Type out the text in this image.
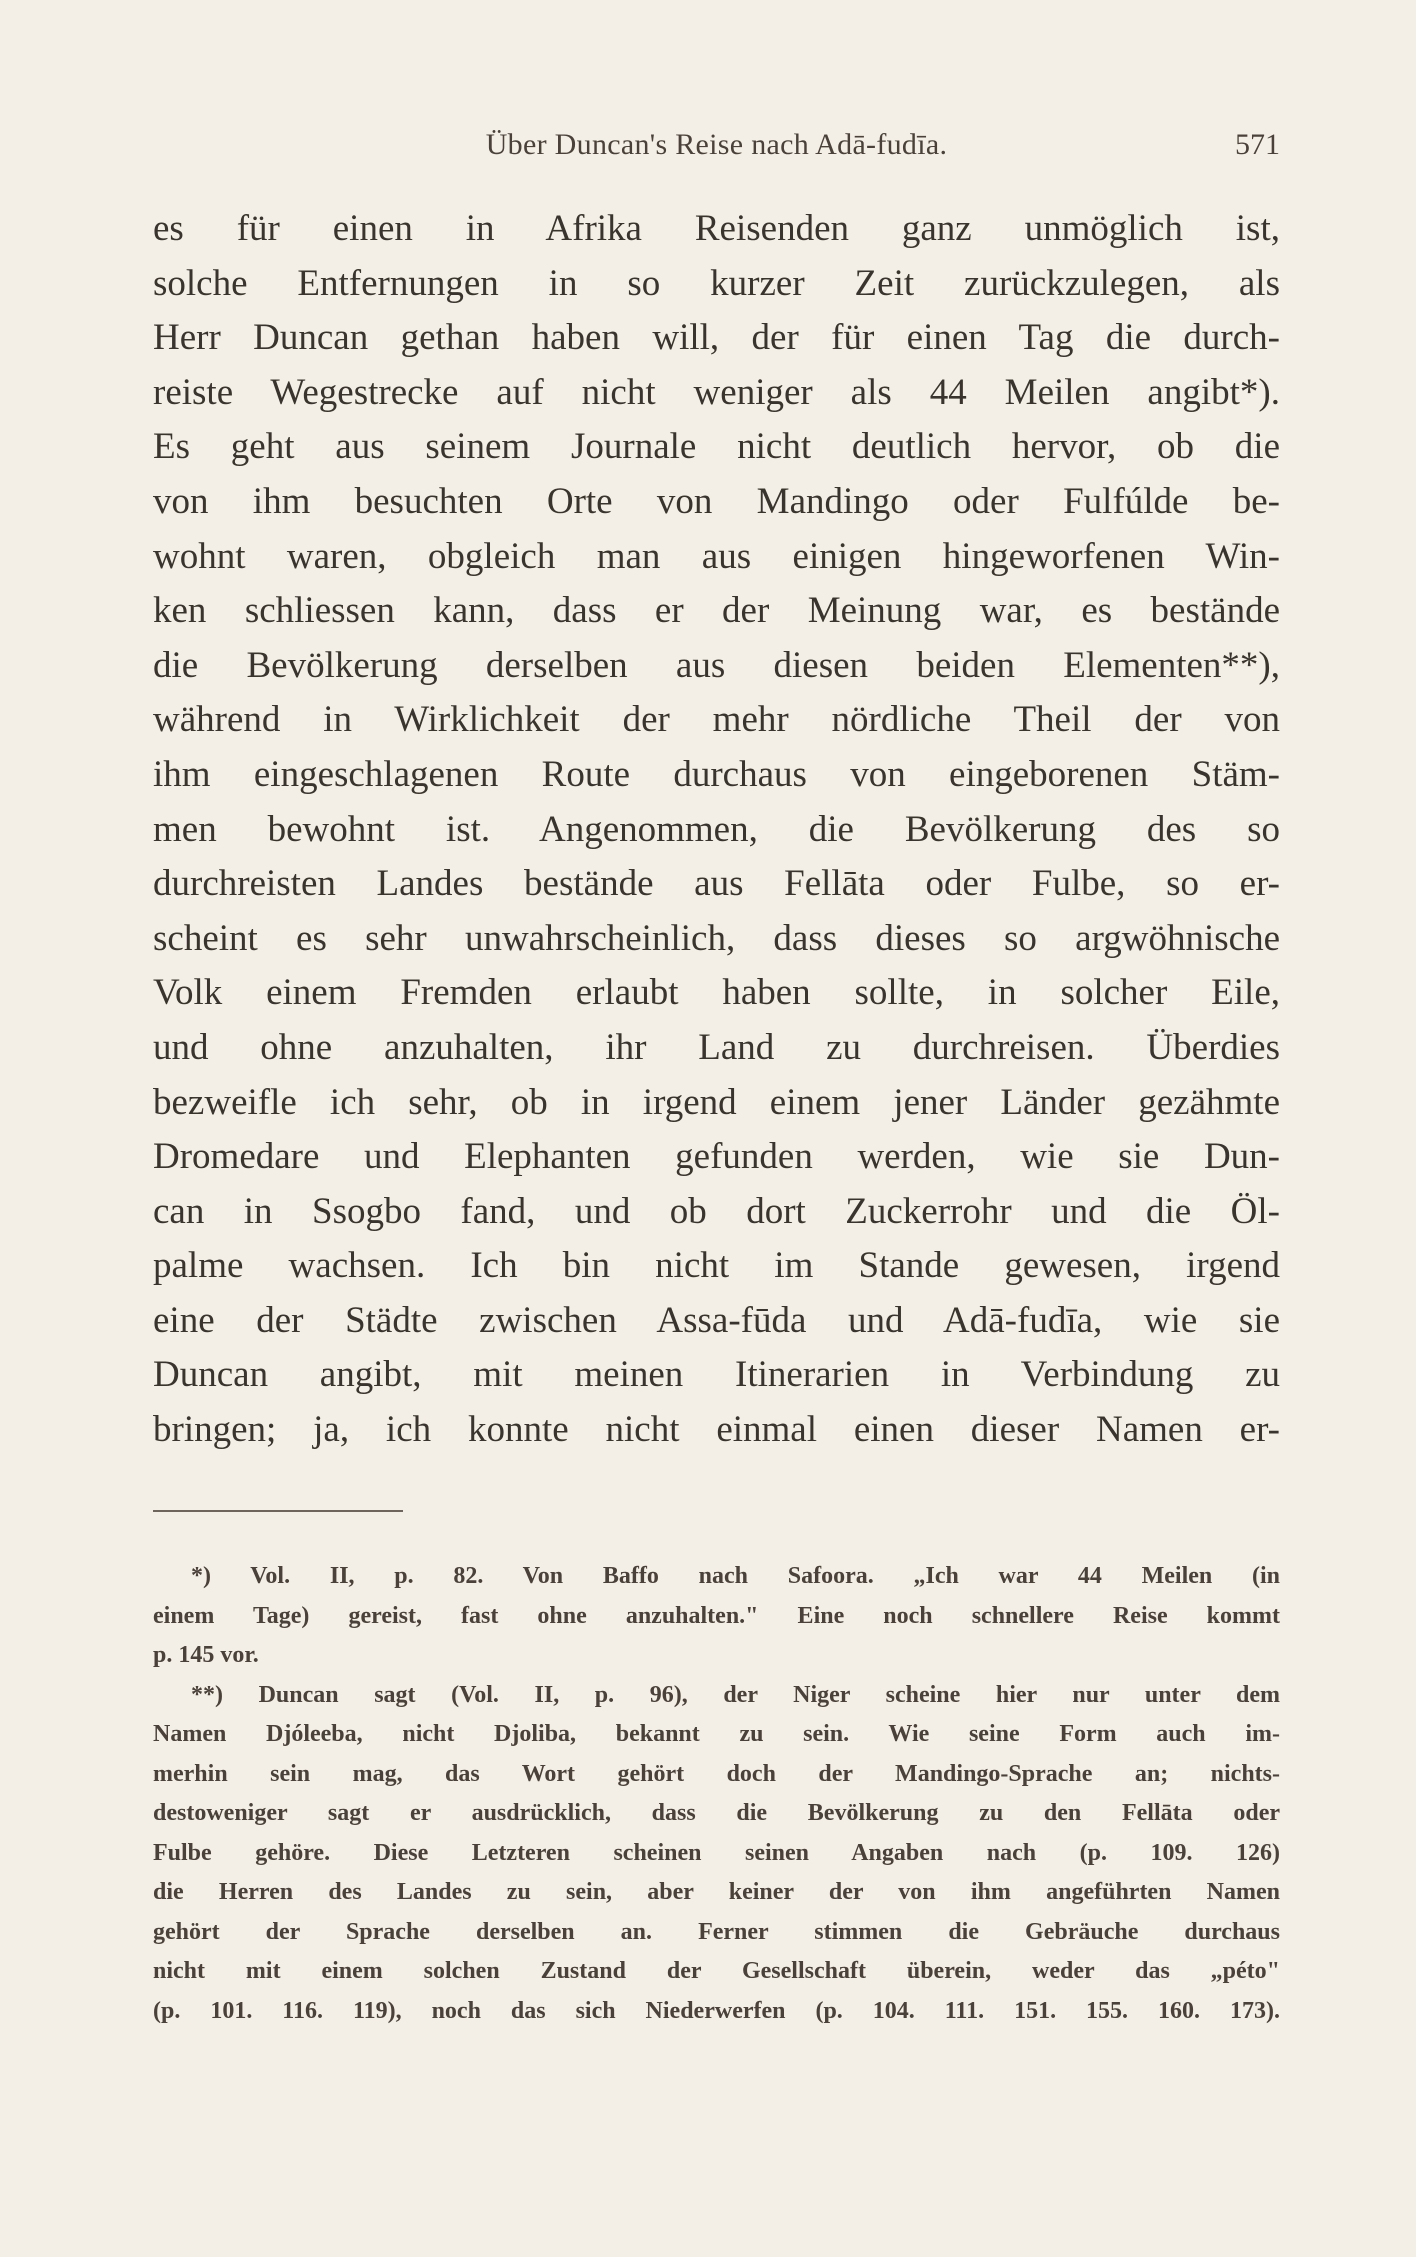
Über Duncan's Reise nach Adā-fudīa.	571
es für einen in Afrika Reisenden ganz unmöglich ist,
solche Entfernungen in so kurzer Zeit zurückzulegen, als
Herr Duncan gethan haben will, der für einen Tag die durch-
reiste Wegestrecke auf nicht weniger als 44 Meilen angibt*).
Es geht aus seinem Journale nicht deutlich hervor, ob die
von ihm besuchten Orte von Mandingo oder Fulfúlde be-
wohnt waren, obgleich man aus einigen hingeworfenen Win-
ken schliessen kann, dass er der Meinung war, es bestände
die Bevölkerung derselben aus diesen beiden Elementen**),
während in Wirklichkeit der mehr nördliche Theil der von
ihm eingeschlagenen Route durchaus von eingeborenen Stäm-
men bewohnt ist. Angenommen, die Bevölkerung des so
durchreisten Landes bestände aus Fellāta oder Fulbe, so er-
scheint es sehr unwahrscheinlich, dass dieses so argwöhnische
Volk einem Fremden erlaubt haben sollte, in solcher Eile,
und ohne anzuhalten, ihr Land zu durchreisen. Überdies
bezweifle ich sehr, ob in irgend einem jener Länder gezähmte
Dromedare und Elephanten gefunden werden, wie sie Dun-
can in Ssogbo fand, und ob dort Zuckerrohr und die Öl-
palme wachsen. Ich bin nicht im Stande gewesen, irgend
eine der Städte zwischen Assa-fūda und Adā-fudīa, wie sie
Duncan angibt, mit meinen Itinerarien in Verbindung zu
bringen; ja, ich konnte nicht einmal einen dieser Namen er-
*) Vol. II, p. 82. Von Baffo nach Safoora. „Ich war 44 Meilen (in
einem Tage) gereist, fast ohne anzuhalten." Eine noch schnellere Reise kommt
p. 145 vor.
**) Duncan sagt (Vol. II, p. 96), der Niger scheine hier nur unter dem
Namen Djóleeba, nicht Djoliba, bekannt zu sein. Wie seine Form auch im-
merhin sein mag, das Wort gehört doch der Mandingo-Sprache an; nichts-
destoweniger sagt er ausdrücklich, dass die Bevölkerung zu den Fellāta oder
Fulbe gehöre. Diese Letzteren scheinen seinen Angaben nach (p. 109. 126)
die Herren des Landes zu sein, aber keiner der von ihm angeführten Namen
gehört der Sprache derselben an. Ferner stimmen die Gebräuche durchaus
nicht mit einem solchen Zustand der Gesellschaft überein, weder das „péto"
(p. 101. 116. 119), noch das sich Niederwerfen (p. 104. 111. 151. 155. 160. 173).
